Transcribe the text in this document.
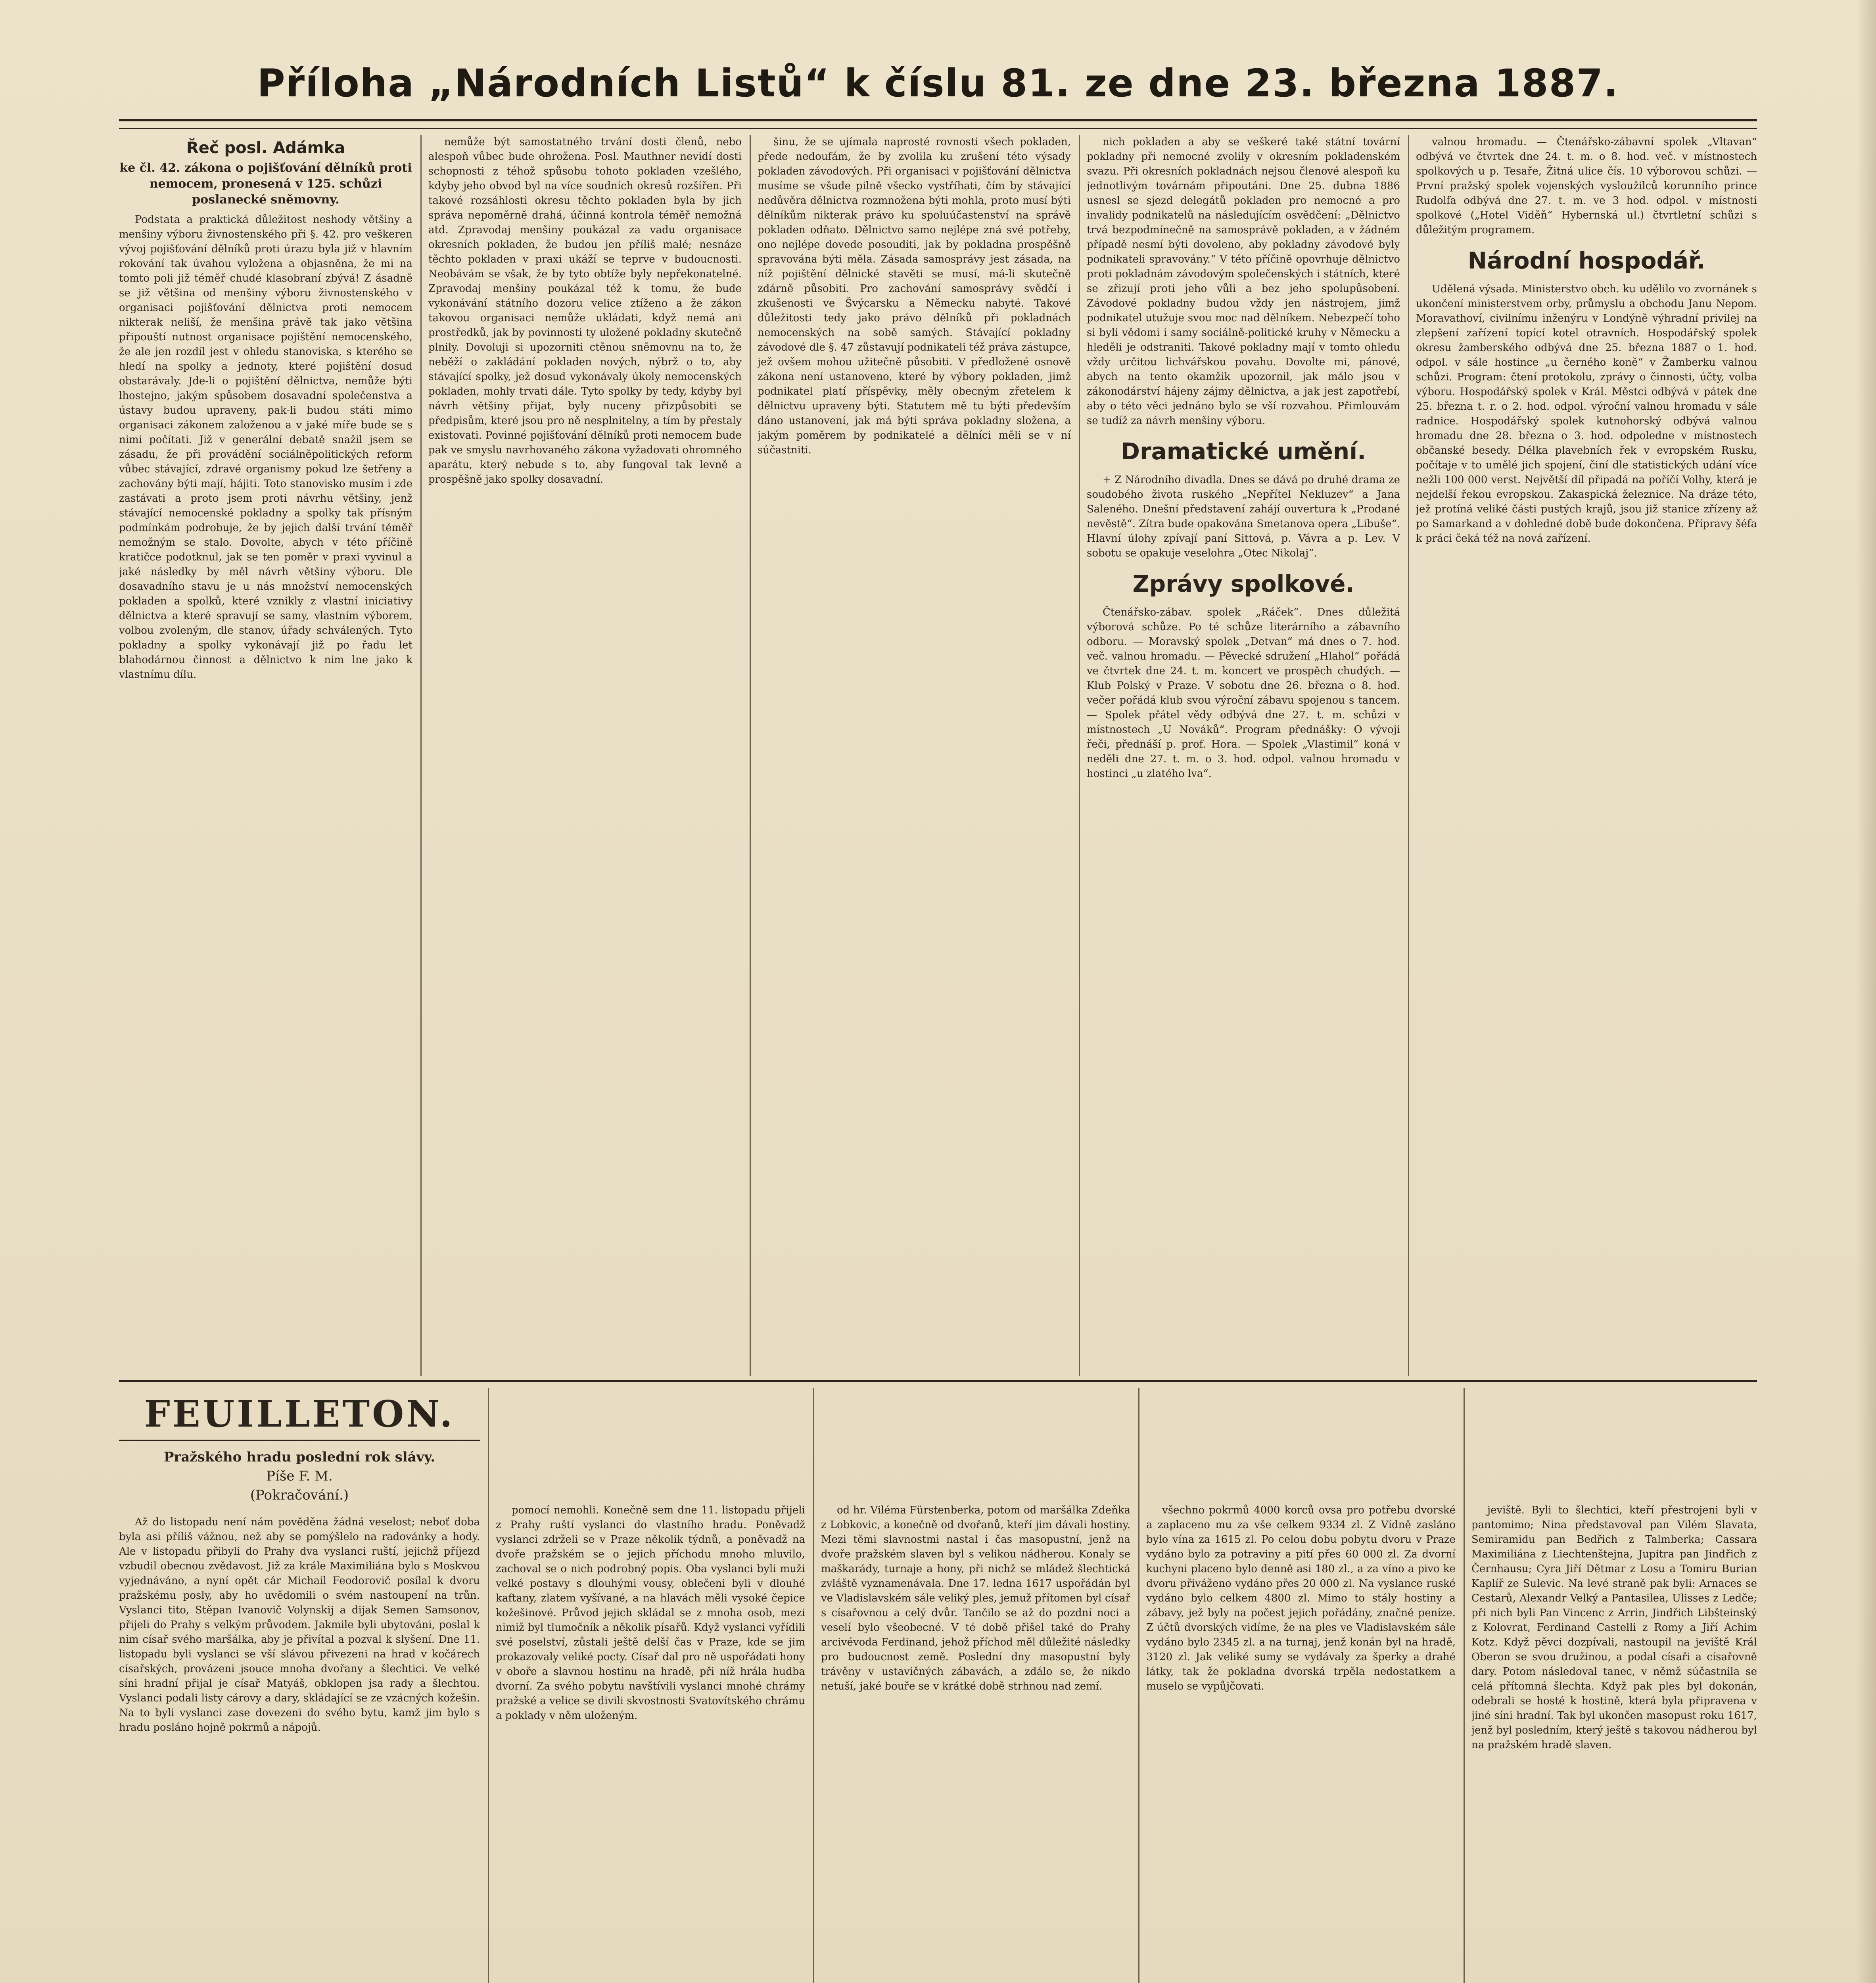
Příloha „Národních Listů“ k číslu 81. ze dne 23. března 1887.
Řeč posl. Adámka
ke čl. 42. zákona o pojišťování dělníků proti nemocem, pronesená v 125. schůzi poslanecké sněmovny.

Podstata a praktická důležitost neshody většiny a menšiny výboru živnostenského při §. 42. pro veškeren vývoj pojišťování dělníků proti úrazu byla již v hlavním rokování tak úvahou vyložena a objasněna, že mi na tomto poli již téměř chudé klasobraní zbývá! Z ásadně se již většina od menšiny výboru živnostenského v organisaci pojišťování dělnictva proti nemocem nikterak neliší, že menšina právě tak jako většina připouští nutnost organisace pojištění nemocenského, že ale jen rozdíl jest v ohledu stanoviska, s kterého se hledí na spolky a jednoty, které pojištění dosud obstarávaly. Jde-li o pojištění dělnictva, nemůže býti lhostejno, jakým spůsobem dosavadní společenstva a ústavy budou upraveny, pak-li budou státi mimo organisaci zákonem založenou a v jaké míře bude se s nimi počítati. Již v generální debatě snažil jsem se zásadu, že při provádění sociálněpolitických reform vůbec stávající, zdravé organismy pokud lze šetřeny a zachovány býti mají, hájiti. Toto stanovisko musím i zde zastávati a proto jsem proti návrhu většiny, jenž stávající nemocenské pokladny a spolky tak přísným podmínkám podrobuje, že by jejich další trvání téměř nemožným se stalo. Dovolte, abych v této příčině kratičce podotknul, jak se ten poměr v praxi vyvinul a jaké následky by měl návrh většiny výboru. Dle dosavadního stavu je u nás množství nemocenských pokladen a spolků, které vznikly z vlastní iniciativy dělnictva a které spravují se samy, vlastním výborem, volbou zvoleným, dle stanov, úřady schválených. Tyto pokladny a spolky vykonávají již po řadu let blahodárnou činnost a dělnictvo k nim lne jako k vlastnímu dílu.

nemůže být samostatného trvání dosti členů, nebo alespoň vůbec bude ohrožena. Posl. Mauthner nevidí dosti schopnosti z téhož spůsobu tohoto pokladen vzešlého, kdyby jeho obvod byl na více soudních okresů rozšířen. Při takové rozsáhlosti okresu těchto pokladen byla by jich správa nepoměrně drahá, účinná kontrola téměř nemožná atd. Zpravodaj menšiny poukázal za vadu organisace okresních pokladen, že budou jen příliš malé; nesnáze těchto pokladen v praxi ukáží se teprve v budoucnosti. Neobávám se však, že by tyto obtíže byly nepřekonatelné. Zpravodaj menšiny poukázal též k tomu, že bude vykonávání státního dozoru velice ztíženo a že zákon takovou organisaci nemůže ukládati, když nemá ani prostředků, jak by povinnosti ty uložené pokladny skutečně plnily. Dovoluji si upozorniti ctěnou sněmovnu na to, že neběží o zakládání pokladen nových, nýbrž o to, aby stávající spolky, jež dosud vykonávaly úkoly nemocenských pokladen, mohly trvati dále. Tyto spolky by tedy, kdyby byl návrh většiny přijat, byly nuceny přizpůsobiti se předpisům, které jsou pro ně nesplnitelny, a tím by přestaly existovati. Povinné pojišťování dělníků proti nemocem bude pak ve smyslu navrhovaného zákona vyžadovati ohromného aparátu, který nebude s to, aby fungoval tak levně a prospěšně jako spolky dosavadní.

šinu, že se ujímala naprosté rovnosti všech pokladen, přede nedoufám, že by zvolila ku zrušení této výsady pokladen závodových. Při organisaci v pojišťování dělnictva musíme se všude pilně všecko vystříhati, čím by stávající nedůvěra dělnictva rozmnožena býti mohla, proto musí býti dělníkům nikterak právo ku spoluúčastenství na správě pokladen odňato. Dělnictvo samo nejlépe zná své potřeby, ono nejlépe dovede posouditi, jak by pokladna prospěšně spravována býti měla. Zásada samosprávy jest zásada, na níž pojištění dělnické stavěti se musí, má-li skutečně zdárně působiti. Pro zachování samosprávy svědčí i zkušenosti ve Švýcarsku a Německu nabyté. Takové důležitosti tedy jako právo dělníků při pokladnách nemocenských na sobě samých. Stávající pokladny závodové dle §. 47 zůstavují podnikateli též práva zástupce, jež ovšem mohou užitečně působiti. V předložené osnově zákona není ustanoveno, které by výbory pokladen, jimž podnikatel platí příspěvky, měly obecným zřetelem k dělnictvu upraveny býti. Statutem mě tu býti především dáno ustanovení, jak má býti správa pokladny složena, a jakým poměrem by podnikatelé a dělníci měli se v ní súčastniti.

nich pokladen a aby se veškeré také státní tovární pokladny při nemocné zvolily v okresním pokladenském svazu. Při okresních pokladnách nejsou členové alespoň ku jednotlivým továrnám připoutáni. Dne 25. dubna 1886 usnesl se sjezd delegátů pokladen pro nemocné a pro invalidy podnikatelů na následujícím osvědčení: „Dělnictvo trvá bezpodmínečně na samosprávě pokladen, a v žádném případě nesmí býti dovoleno, aby pokladny závodové byly podnikateli spravovány.“ V této příčině opovrhuje dělnictvo proti pokladnám závodovým společenských i státních, které se zřizují proti jeho vůli a bez jeho spolupůsobení. Závodové pokladny budou vždy jen nástrojem, jimž podnikatel utužuje svou moc nad dělníkem. Nebezpečí toho si byli vědomi i samy sociálně-politické kruhy v Německu a hleděli je odstraniti. Takové pokladny mají v tomto ohledu vždy určitou lichvářskou povahu. Dovolte mi, pánové, abych na tento okamžik upozornil, jak málo jsou v zákonodárství hájeny zájmy dělnictva, a jak jest zapotřebí, aby o této věci jednáno bylo se vší rozvahou. Přimlouvám se tudíž za návrh menšiny výboru.

Dramatické umění.

+ Z Národního divadla. Dnes se dává po druhé drama ze soudobého života ruského „Nepřítel Nekluzev“ a Jana Saleného. Dnešní představení zahájí ouvertura k „Prodané nevěstě“. Zítra bude opakována Smetanova opera „Libuše“. Hlavní úlohy zpívají paní Sittová, p. Vávra a p. Lev. V sobotu se opakuje veselohra „Otec Nikolaj“.

Zprávy spolkové.

Čtenářsko-zábav. spolek „Ráček“. Dnes důležitá výborová schůze. Po té schůze literárního a zábavního odboru. — Moravský spolek „Detvan“ má dnes o 7. hod. več. valnou hromadu. — Pěvecké sdružení „Hlahol“ pořádá ve čtvrtek dne 24. t. m. koncert ve prospěch chudých. — Klub Polský v Praze. V sobotu dne 26. března o 8. hod. večer pořádá klub svou výroční zábavu spojenou s tancem. — Spolek přátel vědy odbývá dne 27. t. m. schůzi v místnostech „U Nováků“. Program přednášky: O vývoji řeči, přednáší p. prof. Hora. — Spolek „Vlastimil“ koná v neděli dne 27. t. m. o 3. hod. odpol. valnou hromadu v hostinci „u zlatého lva“.

valnou hromadu. — Čtenářsko-zábavní spolek „Vltavan“ odbývá ve čtvrtek dne 24. t. m. o 8. hod. več. v místnostech spolkových u p. Tesaře, Žitná ulice čís. 10 výborovou schůzi. — První pražský spolek vojenských vysloužilců korunního prince Rudolfa odbývá dne 27. t. m. ve 3 hod. odpol. v místnosti spolkové („Hotel Viděň“ Hybernská ul.) čtvrtletní schůzi s důležitým programem.

Národní hospodář.

Udělená výsada. Ministerstvo obch. ku udělilo vo zvornánek s ukončení ministerstvem orby, průmyslu a obchodu Janu Nepom. Moravathoví, civilnímu inženýru v Londýně výhradní privilej na zlepšení zařízení topící kotel otravních. Hospodářský spolek okresu žamberského odbývá dne 25. března 1887 o 1. hod. odpol. v sále hostince „u černého koně“ v Žamberku valnou schůzi. Program: čtení protokolu, zprávy o činnosti, účty, volba výboru. Hospodářský spolek v Král. Městci odbývá v pátek dne 25. března t. r. o 2. hod. odpol. výroční valnou hromadu v sále radnice. Hospodářský spolek kutnohorský odbývá valnou hromadu dne 28. března o 3. hod. odpoledne v místnostech občanské besedy. Délka plavebních řek v evropském Rusku, počítaje v to umělé jich spojení, činí dle statistických udání více nežli 100 000 verst. Největší díl připadá na poříčí Volhy, která je nejdelší řekou evropskou. Zakaspická železnice. Na dráze této, jež protíná veliké části pustých krajů, jsou již stanice zřízeny až po Samarkand a v dohledné době bude dokončena. Přípravy šéfa k práci čeká též na nová zařízení.

FEUILLETON.
Pražského hradu poslední rok slávy.
Píše F. M.
(Pokračování.)

Až do listopadu není nám pověděna žádná veselost; neboť doba byla asi příliš vážnou, než aby se pomýšlelo na radovánky a hody. Ale v listopadu přibyli do Prahy dva vyslanci ruští, jejichž příjezd vzbudil obecnou zvědavost. Již za krále Maximiliána bylo s Moskvou vyjednáváno, a nyní opět cár Michail Feodorovič posílal k dvoru pražskému posly, aby ho uvědomili o svém nastoupení na trůn. Vyslanci tito, Stěpan Ivanovič Volynskij a dijak Semen Samsonov, přijeli do Prahy s velkým průvodem. Jakmile byli ubytováni, poslal k nim císař svého maršálka, aby je přivítal a pozval k slyšení. Dne 11. listopadu byli vyslanci se vší slávou přivezeni na hrad v kočárech císařských, provázeni jsouce mnoha dvořany a šlechtici. Ve velké síni hradní přijal je císař Matyáš, obklopen jsa rady a šlechtou. Vyslanci podali listy cárovy a dary, skládající se ze vzácných kožešin. Na to byli vyslanci zase dovezeni do svého bytu, kamž jim bylo s hradu posláno hojně pokrmů a nápojů.

pomocí nemohli. Konečně sem dne 11. listopadu přijeli z Prahy ruští vyslanci do vlastního hradu. Poněvadž vyslanci zdrželi se v Praze několik týdnů, a poněvadž na dvoře pražském se o jejich příchodu mnoho mluvilo, zachoval se o nich podrobný popis. Oba vyslanci byli muži velké postavy s dlouhými vousy, oblečeni byli v dlouhé kaftany, zlatem vyšívané, a na hlavách měli vysoké čepice kožešinové. Průvod jejich skládal se z mnoha osob, mezi nimiž byl tlumočník a několik písařů. Když vyslanci vyřídili své poselství, zůstali ještě delší čas v Praze, kde se jim prokazovaly veliké pocty. Císař dal pro ně uspořádati hony v oboře a slavnou hostinu na hradě, při níž hrála hudba dvorní. Za svého pobytu navštívili vyslanci mnohé chrámy pražské a velice se divili skvostnosti Svatovítského chrámu a poklady v něm uloženým.

od hr. Viléma Fürstenberka, potom od maršálka Zdeňka z Lobkovic, a konečně od dvořanů, kteří jim dávali hostiny. Mezi těmi slavnostmi nastal i čas masopustní, jenž na dvoře pražském slaven byl s velikou nádherou. Konaly se maškarády, turnaje a hony, při nichž se mládež šlechtická zvláště vyznamenávala. Dne 17. ledna 1617 uspořádán byl ve Vladislavském sále veliký ples, jemuž přítomen byl císař s císařovnou a celý dvůr. Tančilo se až do pozdní noci a veselí bylo všeobecné. V té době přišel také do Prahy arcivévoda Ferdinand, jehož příchod měl důležité následky pro budoucnost země. Poslední dny masopustní byly trávěny v ustavičných zábavách, a zdálo se, že nikdo netuší, jaké bouře se v krátké době strhnou nad zemí.

všechno pokrmů 4000 korců ovsa pro potřebu dvorské a zaplaceno mu za vše celkem 9334 zl. Z Vídně zasláno bylo vína za 1615 zl. Po celou dobu pobytu dvoru v Praze vydáno bylo za potraviny a pití přes 60 000 zl. Za dvorní kuchyni placeno bylo denně asi 180 zl., a za víno a pivo ke dvoru přiváženo vydáno přes 20 000 zl. Na vyslance ruské vydáno bylo celkem 4800 zl. Mimo to stály hostiny a zábavy, jež byly na počest jejich pořádány, značné peníze. Z účtů dvorských vidíme, že na ples ve Vladislavském sále vydáno bylo 2345 zl. a na turnaj, jenž konán byl na hradě, 3120 zl. Jak veliké sumy se vydávaly za šperky a drahé látky, tak že pokladna dvorská trpěla nedostatkem a muselo se vypůjčovati.

jeviště. Byli to šlechtici, kteří přestrojeni byli v pantomimo; Nina představoval pan Vilém Slavata, Semiramidu pan Bedřich z Talmberka; Cassara Maximiliána z Liechtenštejna, Jupitra pan Jindřich z Černhausu; Cyra Jiří Dětmar z Losu a Tomiru Burian Kaplíř ze Sulevic. Na levé straně pak byli: Arnaces se Cestarů, Alexandr Velký a Pantasilea, Ulisses z Ledče; při nich byli Pan Vincenc z Arrin, Jindřich Libšteinský z Kolovrat, Ferdinand Castelli z Romy a Jiří Achim Kotz. Když pěvci dozpívali, nastoupil na jeviště Král Oberon se svou družinou, a podal císaři a císařovně dary. Potom následoval tanec, v němž súčastnila se celá přítomná šlechta. Když pak ples byl dokonán, odebrali se hosté k hostině, která byla připravena v jiné síni hradní. Tak byl ukončen masopust roku 1617, jenž byl posledním, který ještě s takovou nádherou byl na pražském hradě slaven.
